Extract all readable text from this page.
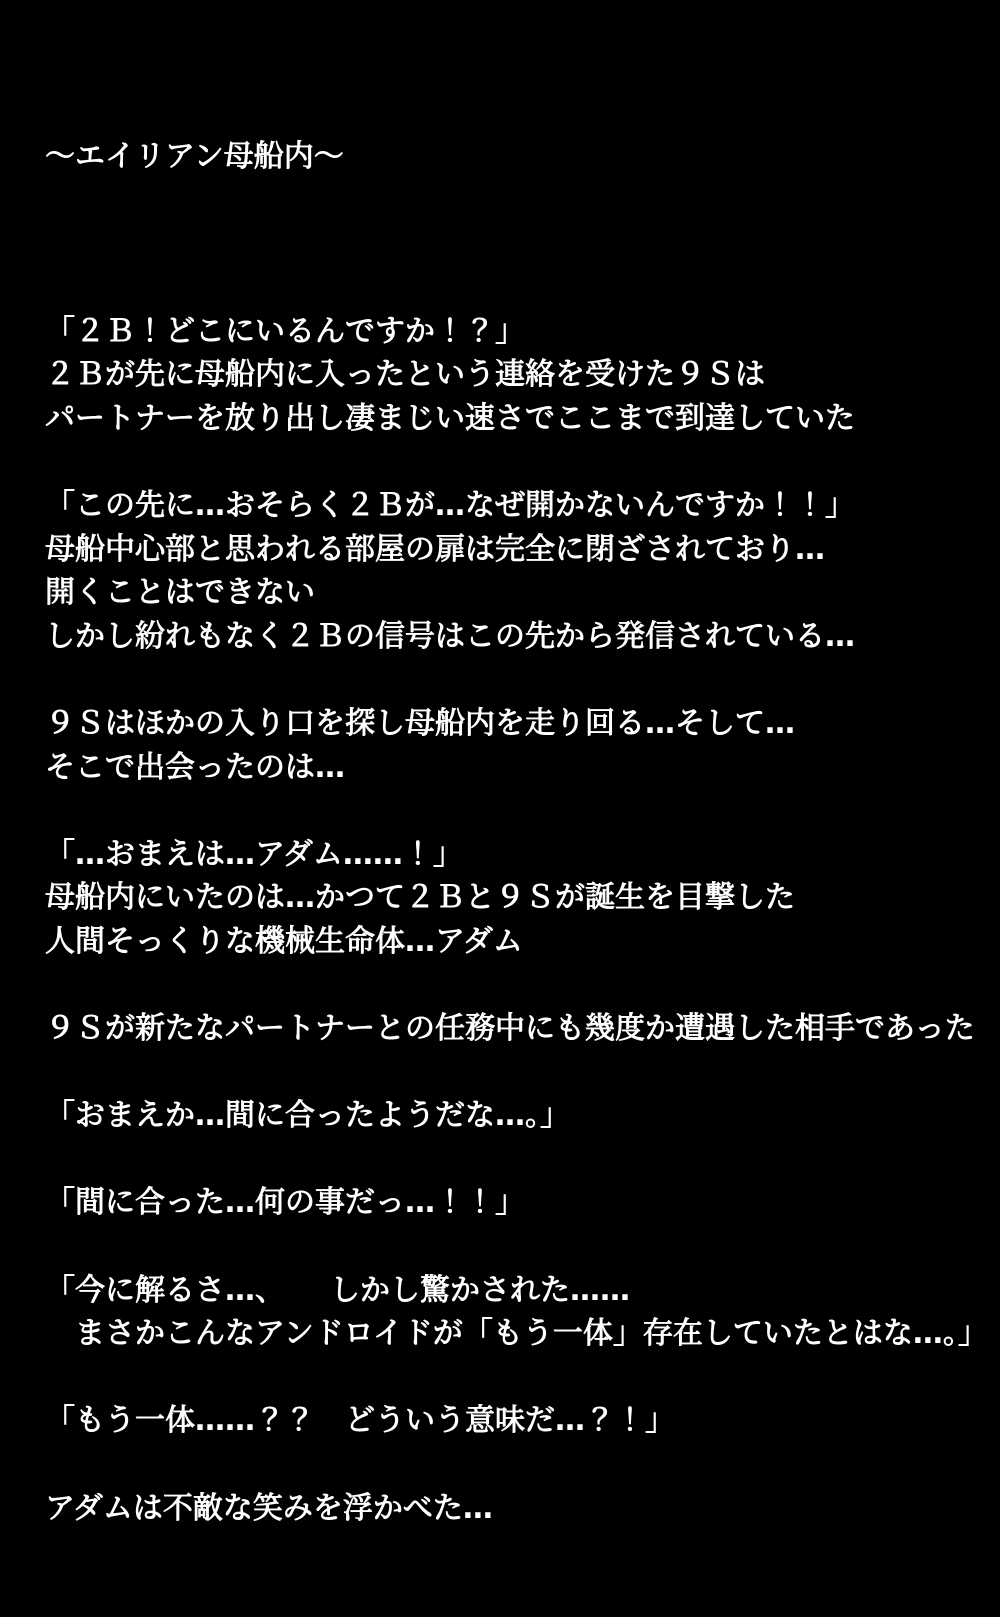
〜エイリアン母船内〜

「２Ｂ！どこにいるんですか！？」
２Ｂが先に母船内に入ったという連絡を受けた９Ｓは
パートナーを放り出し凄まじい速さでここまで到達していた
「この先に…おそらく２Ｂが…なぜ開かないんですか！！」
母船中心部と思われる部屋の扉は完全に閉ざされており…
開くことはできない
しかし紛れもなく２Ｂの信号はこの先から発信されている…
９Ｓはほかの入り口を探し母船内を走り回る…そして…
そこで出会ったのは…
「…おまえは…アダム……！」
母船内にいたのは…かつて２Ｂと９Ｓが誕生を目撃した
人間そっくりな機械生命体…アダム
９Ｓが新たなパートナーとの任務中にも幾度か遭遇した相手であった
「おまえか…間に合ったようだな…。」
「間に合った…何の事だっ…！！」
「今に解るさ…、　　しかし驚かされた……
　まさかこんなアンドロイドが「もう一体」存在していたとはな…。」
「もう一体……？？　どういう意味だ…？！」
アダムは不敵な笑みを浮かべた…
